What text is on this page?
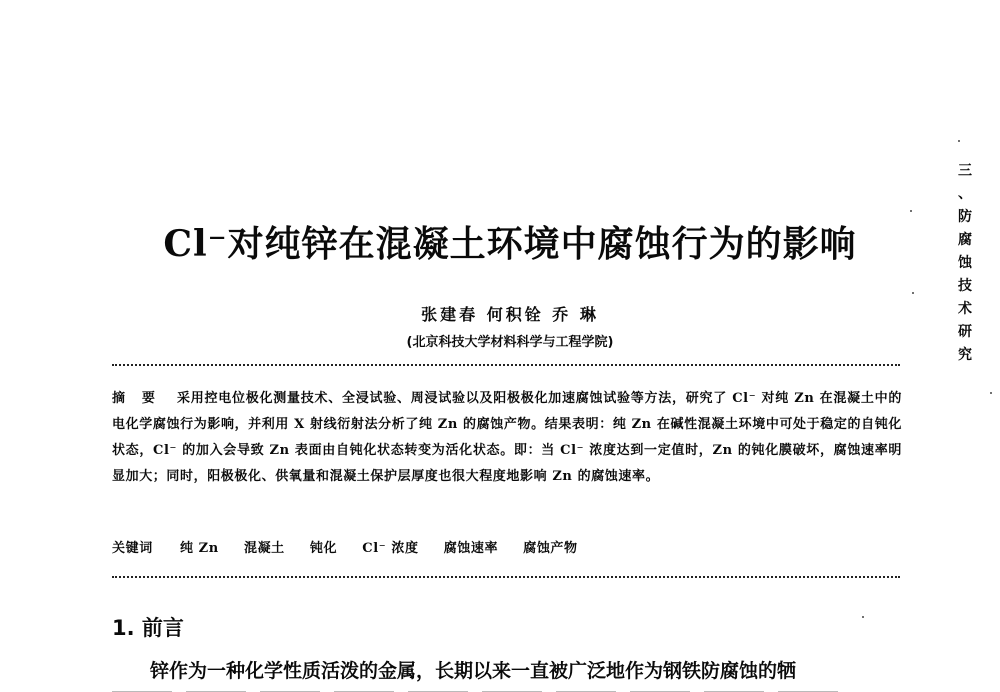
Cl⁻对纯锌在混凝土环境中腐蚀行为的影响
张建春 何积铨 乔 琳
(北京科技大学材料科学与工程学院)
摘 要 采用控电位极化测量技术、全浸试验、周浸试验以及阳极极化加速腐蚀试验等方法，研究了 Cl⁻ 对纯 Zn 在混凝土中的电化学腐蚀行为影响，并利用 X 射线衍射法分析了纯 Zn 的腐蚀产物。结果表明：纯 Zn 在碱性混凝土环境中可处于稳定的自钝化状态，Cl⁻ 的加入会导致 Zn 表面由自钝化状态转变为活化状态。即：当 Cl⁻ 浓度达到一定值时，Zn 的钝化膜破坏，腐蚀速率明显加大；同时，阳极极化、供氧量和混凝土保护层厚度也很大程度地影响 Zn 的腐蚀速率。
关键词 纯 Zn 混凝土 钝化 Cl⁻ 浓度 腐蚀速率 腐蚀产物
1. 前言
锌作为一种化学性质活泼的金属，长期以来一直被广泛地作为钢铁防腐蚀的牺
三
、
防
腐
蚀
技
术
研
究
